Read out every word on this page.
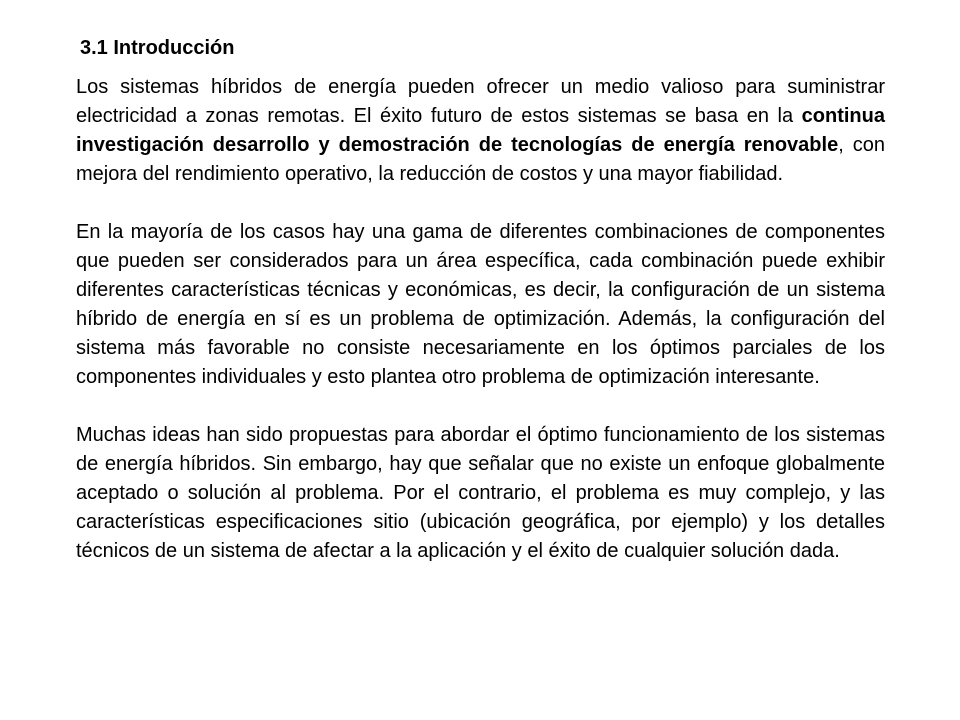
3.1 Introducción

Los sistemas híbridos de energía pueden ofrecer un medio valioso para suministrar electricidad a zonas remotas. El éxito futuro de estos sistemas se basa en la continua investigación desarrollo y demostración de tecnologías de energía renovable, con mejora del rendimiento operativo, la reducción de costos y una mayor fiabilidad.

En la mayoría de los casos hay una gama de diferentes combinaciones de componentes que pueden ser considerados para un área específica, cada combinación puede exhibir diferentes características técnicas y económicas, es decir, la configuración de un sistema híbrido de energía en sí es un problema de optimización. Además, la configuración del sistema más favorable no consiste necesariamente en los óptimos parciales de los componentes individuales y esto plantea otro problema de optimización interesante.

Muchas ideas han sido propuestas para abordar el óptimo funcionamiento de los sistemas de energía híbridos. Sin embargo, hay que señalar que no existe un enfoque globalmente aceptado o solución al problema. Por el contrario, el problema es muy complejo, y las características especificaciones sitio (ubicación geográfica, por ejemplo) y los detalles técnicos de un sistema de afectar a la aplicación y el éxito de cualquier solución dada.
